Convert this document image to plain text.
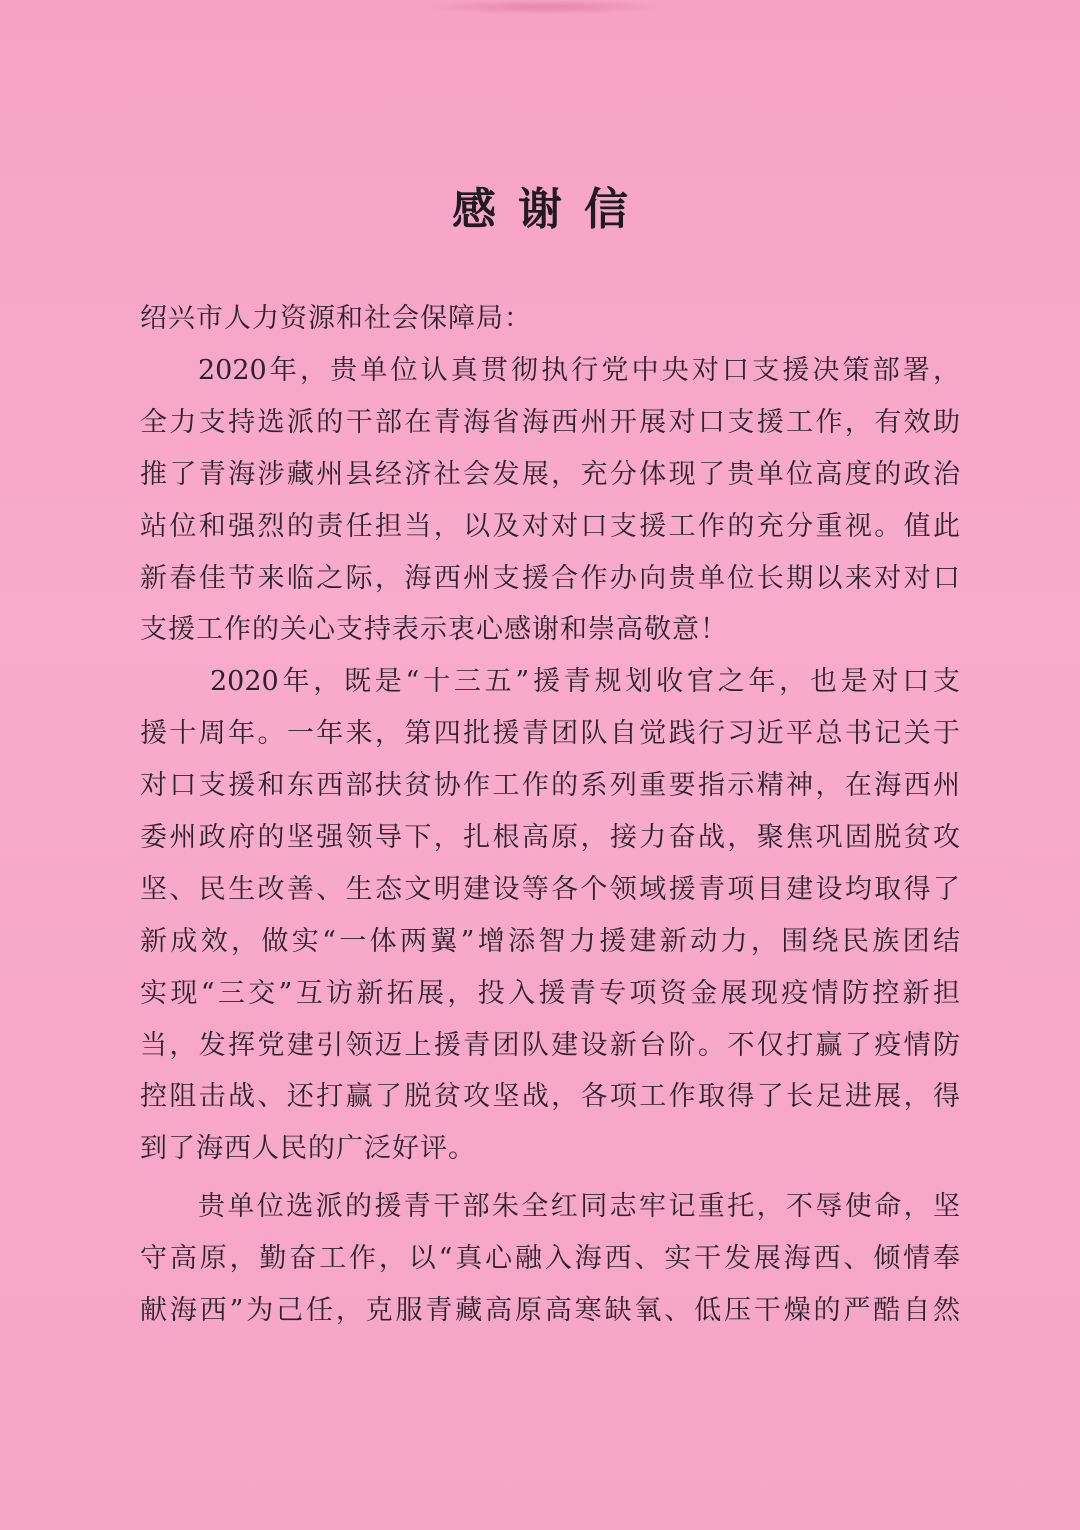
感谢信
绍兴市人力资源和社会保障局：
2020年，贵单位认真贯彻执行党中央对口支援决策部署，
全力支持选派的干部在青海省海西州开展对口支援工作，有效助
推了青海涉藏州县经济社会发展，充分体现了贵单位高度的政治
站位和强烈的责任担当，以及对对口支援工作的充分重视。值此
新春佳节来临之际，海西州支援合作办向贵单位长期以来对对口
支援工作的关心支持表示衷心感谢和崇高敬意！
2020年，既是“十三五”援青规划收官之年，也是对口支
援十周年。一年来，第四批援青团队自觉践行习近平总书记关于
对口支援和东西部扶贫协作工作的系列重要指示精神，在海西州
委州政府的坚强领导下，扎根高原，接力奋战，聚焦巩固脱贫攻
坚、民生改善、生态文明建设等各个领域援青项目建设均取得了
新成效，做实“一体两翼”增添智力援建新动力，围绕民族团结
实现“三交”互访新拓展，投入援青专项资金展现疫情防控新担
当，发挥党建引领迈上援青团队建设新台阶。不仅打赢了疫情防
控阻击战、还打赢了脱贫攻坚战，各项工作取得了长足进展，得
到了海西人民的广泛好评。
贵单位选派的援青干部朱全红同志牢记重托，不辱使命，坚
守高原，勤奋工作，以“真心融入海西、实干发展海西、倾情奉
献海西”为己任，克服青藏高原高寒缺氧、低压干燥的严酷自然
